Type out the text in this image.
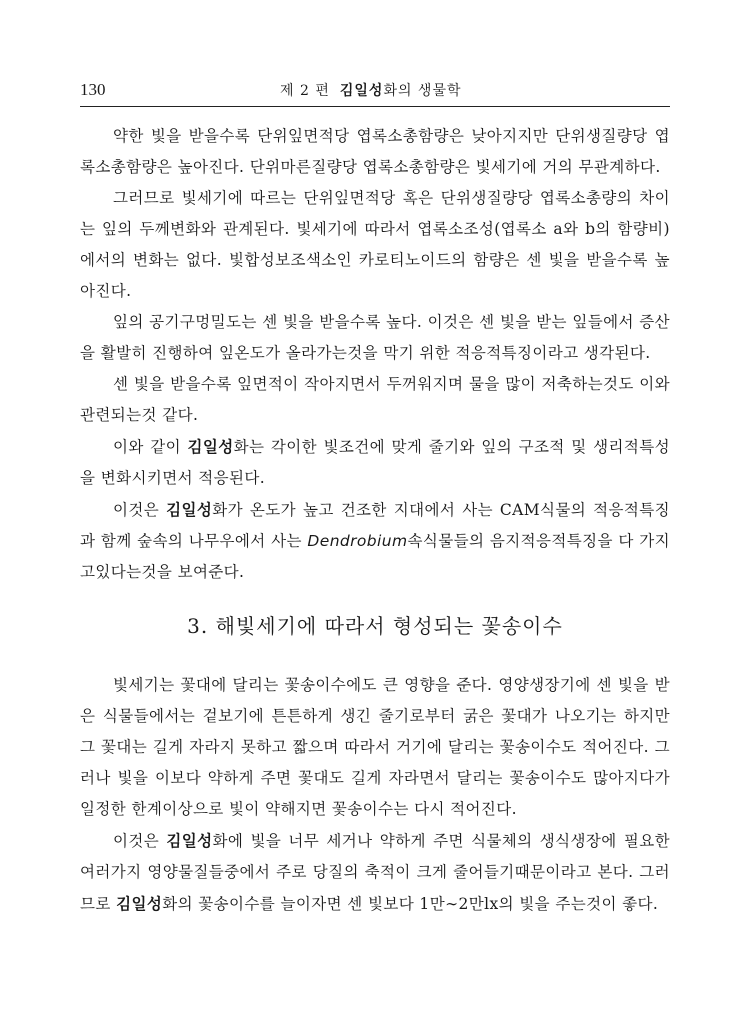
130	제 2 편 김일성화의 생물학

약한 빛을 받을수록 단위잎면적당 엽록소총함량은 낮아지지만 단위생질량당 엽록소총함량은 높아진다. 단위마른질량당 엽록소총함량은 빛세기에 거의 무관계하다.

그러므로 빛세기에 따르는 단위잎면적당 혹은 단위생질량당 엽록소총량의 차이는 잎의 두께변화와 관계된다. 빛세기에 따라서 엽록소조성(엽록소 a와 b의 함량비)에서의 변화는 없다. 빛합성보조색소인 카로티노이드의 함량은 센 빛을 받을수록 높아진다.

잎의 공기구멍밀도는 센 빛을 받을수록 높다. 이것은 센 빛을 받는 잎들에서 증산을 활발히 진행하여 잎온도가 올라가는것을 막기 위한 적응적특징이라고 생각된다.

센 빛을 받을수록 잎면적이 작아지면서 두꺼워지며 물을 많이 저축하는것도 이와 관련되는것 같다.

이와 같이 김일성화는 각이한 빛조건에 맞게 줄기와 잎의 구조적 및 생리적특성을 변화시키면서 적응된다.

이것은 김일성화가 온도가 높고 건조한 지대에서 사는 CAM식물의 적응적특징과 함께 숲속의 나무우에서 사는 Dendrobium속식물들의 음지적응적특징을 다 가지고있다는것을 보여준다.

3. 해빛세기에 따라서 형성되는 꽃송이수

빛세기는 꽃대에 달리는 꽃송이수에도 큰 영향을 준다. 영양생장기에 센 빛을 받은 식물들에서는 겉보기에 튼튼하게 생긴 줄기로부터 굵은 꽃대가 나오기는 하지만 그 꽃대는 길게 자라지 못하고 짧으며 따라서 거기에 달리는 꽃송이수도 적어진다. 그러나 빛을 이보다 약하게 주면 꽃대도 길게 자라면서 달리는 꽃송이수도 많아지다가 일정한 한계이상으로 빛이 약해지면 꽃송이수는 다시 적어진다.

이것은 김일성화에 빛을 너무 세거나 약하게 주면 식물체의 생식생장에 필요한 여러가지 영양물질들중에서 주로 당질의 축적이 크게 줄어들기때문이라고 본다. 그러므로 김일성화의 꽃송이수를 늘이자면 센 빛보다 1만∼2만lx의 빛을 주는것이 좋다.
